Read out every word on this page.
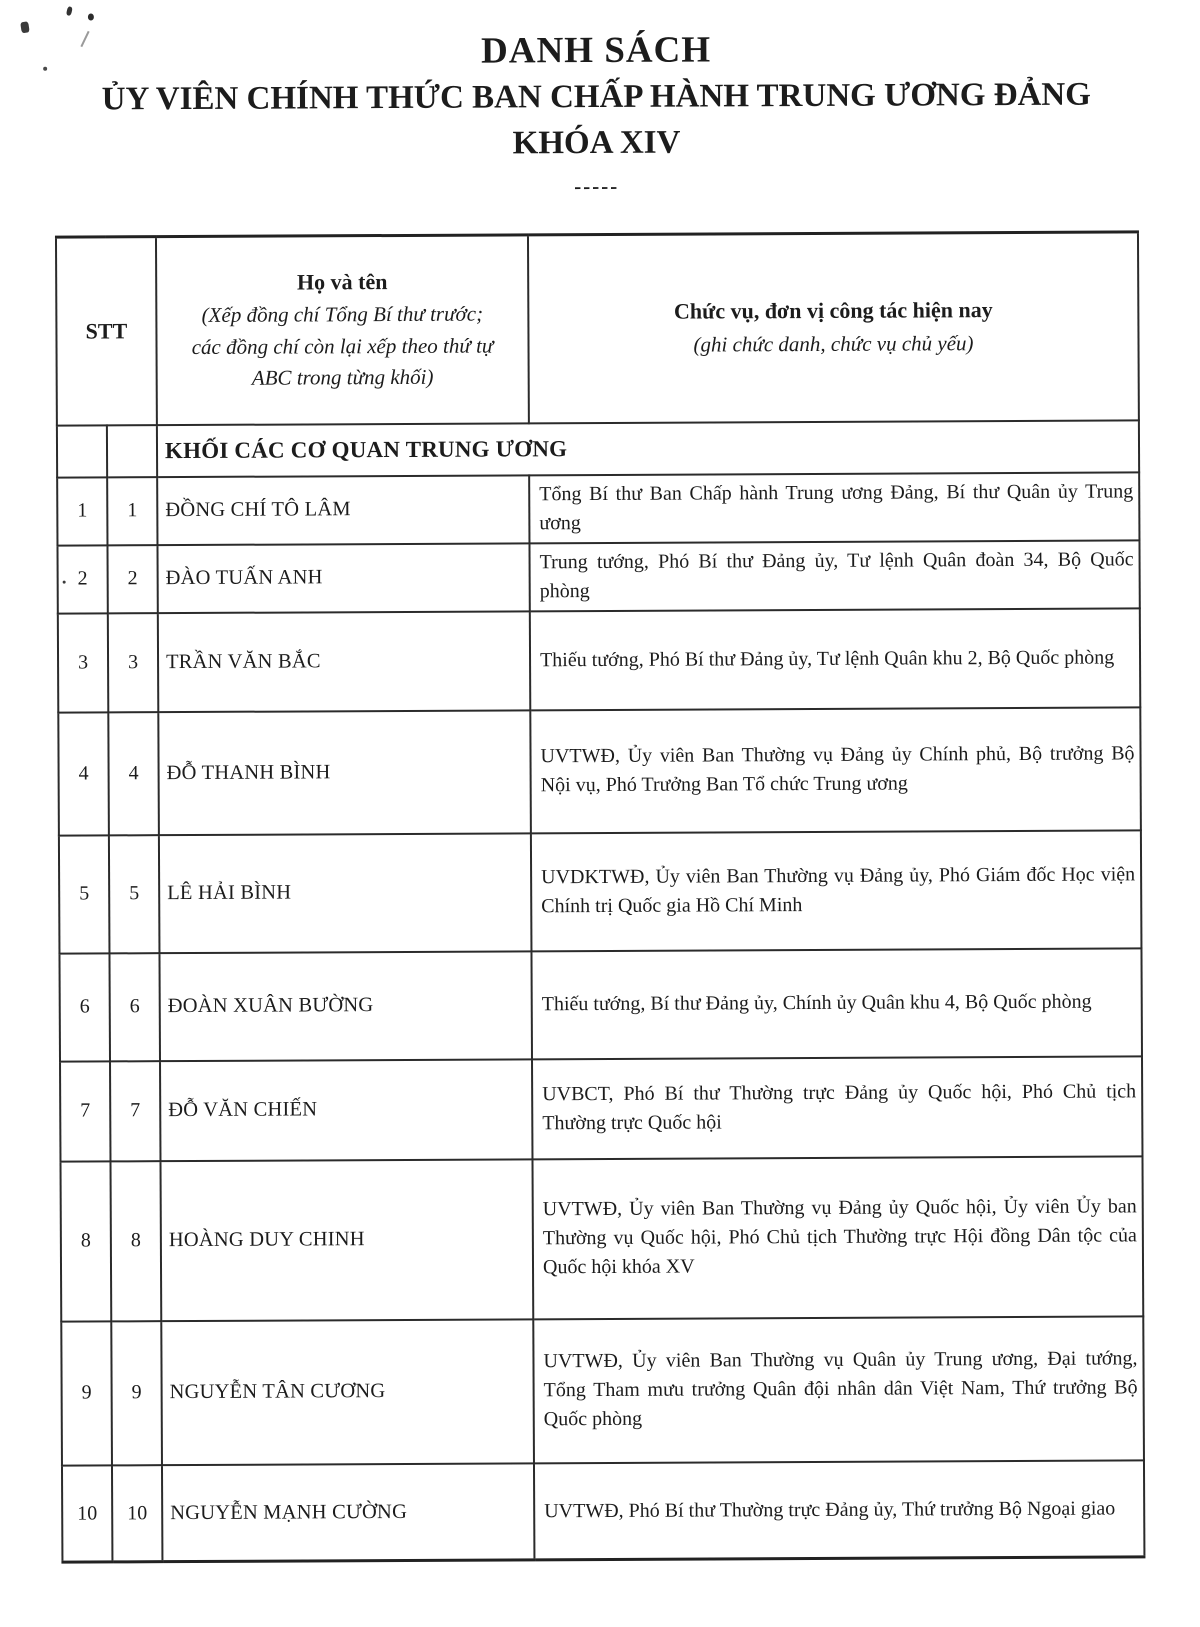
DANH SÁCH
ỦY VIÊN CHÍNH THỨC BAN CHẤP HÀNH TRUNG ƯƠNG ĐẢNG
KHÓA XIV
-----
STT	
Họ và tên
(Xếp đồng chí Tổng Bí thư trước;
các đồng chí còn lại xếp theo thứ tự
ABC trong từng khối)

Chức vụ, đơn vị công tác hiện nay
(ghi chức danh, chức vụ chủ yếu)

		KHỐI CÁC CƠ QUAN TRUNG ƯƠNG	
1	1	ĐỒNG CHÍ TÔ LÂM	Tổng Bí thư Ban Chấp hành Trung ương Đảng, Bí thư Quân ủy Trung ương
2	2	ĐÀO TUẤN ANH	Trung tướng, Phó Bí thư Đảng ủy, Tư lệnh Quân đoàn 34, Bộ Quốc phòng
3	3	TRẦN VĂN BẮC	Thiếu tướng, Phó Bí thư Đảng ủy, Tư lệnh Quân khu 2, Bộ Quốc phòng
4	4	ĐỖ THANH BÌNH	UVTWĐ, Ủy viên Ban Thường vụ Đảng ủy Chính phủ, Bộ trưởng Bộ Nội vụ, Phó Trưởng Ban Tổ chức Trung ương
5	5	LÊ HẢI BÌNH	UVDKTWĐ, Ủy viên Ban Thường vụ Đảng ủy, Phó Giám đốc Học viện Chính trị Quốc gia Hồ Chí Minh
6	6	ĐOÀN XUÂN BƯỜNG	Thiếu tướng, Bí thư Đảng ủy, Chính ủy Quân khu 4, Bộ Quốc phòng
7	7	ĐỖ VĂN CHIẾN	UVBCT, Phó Bí thư Thường trực Đảng ủy Quốc hội, Phó Chủ tịch Thường trực Quốc hội
8	8	HOÀNG DUY CHINH	UVTWĐ, Ủy viên Ban Thường vụ Đảng ủy Quốc hội, Ủy viên Ủy ban Thường vụ Quốc hội, Phó Chủ tịch Thường trực Hội đồng Dân tộc của Quốc hội khóa XV
9	9	NGUYỄN TÂN CƯƠNG	UVTWĐ, Ủy viên Ban Thường vụ Quân ủy Trung ương, Đại tướng, Tổng Tham mưu trưởng Quân đội nhân dân Việt Nam, Thứ trưởng Bộ Quốc phòng
10	10	NGUYỄN MẠNH CƯỜNG	UVTWĐ, Phó Bí thư Thường trực Đảng ủy, Thứ trưởng Bộ Ngoại giao
